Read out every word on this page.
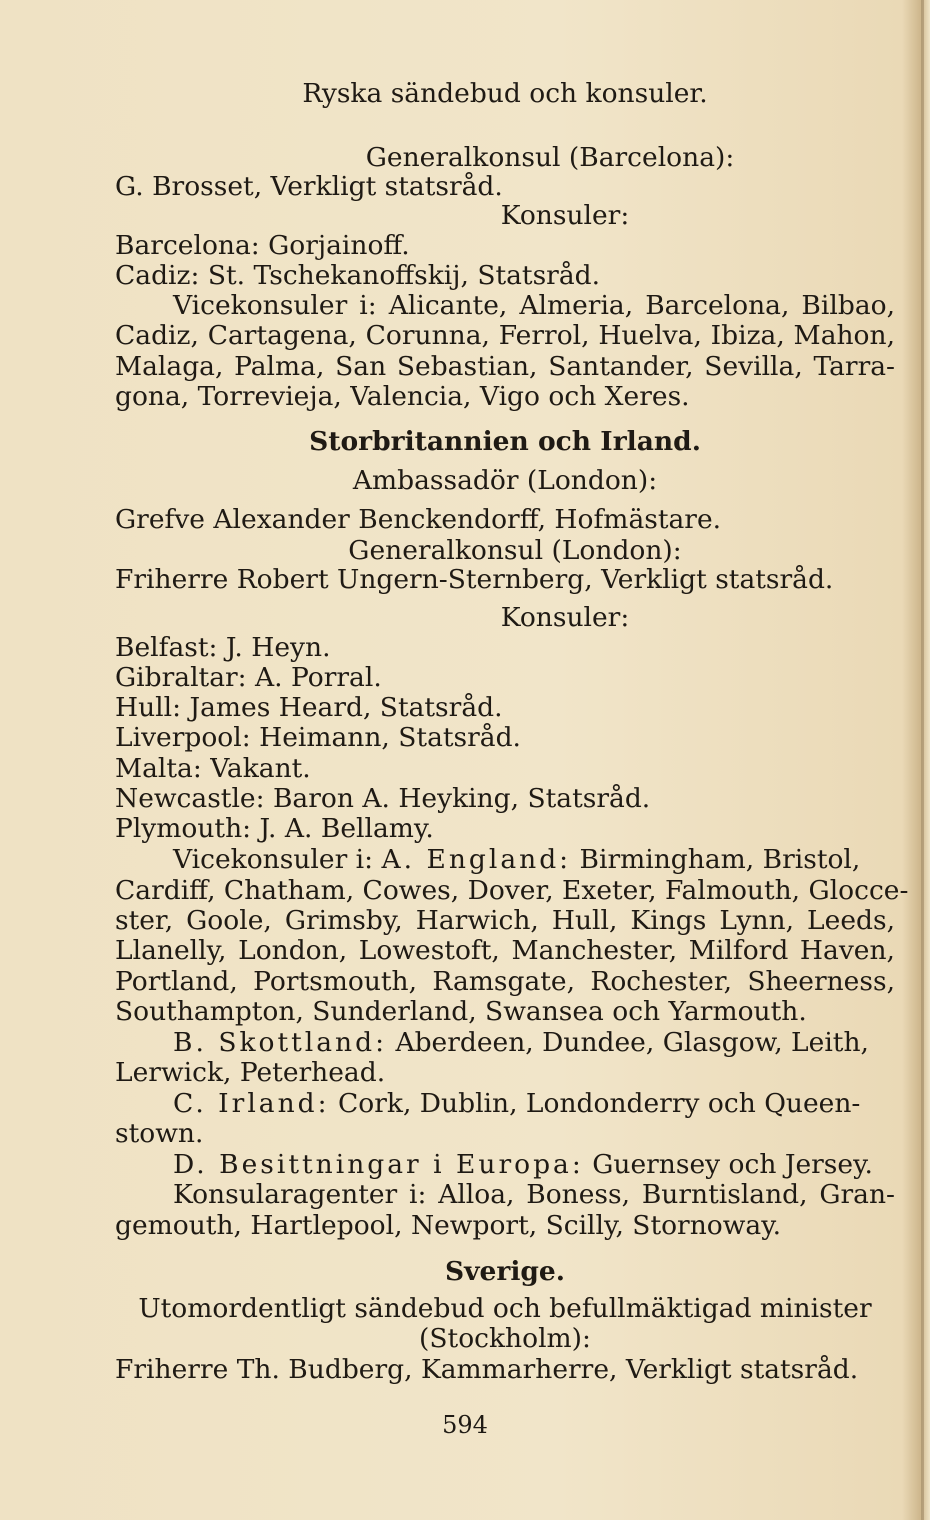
Ryska sändebud och konsuler.
Generalkonsul (Barcelona):
G. Brosset, Verkligt statsråd.
Konsuler:
Barcelona: Gorjainoff.
Cadiz: St. Tschekanoffskij, Statsråd.
Vicekonsuler i: Alicante, Almeria, Barcelona, Bilbao,
Cadiz, Cartagena, Corunna, Ferrol, Huelva, Ibiza, Mahon,
Malaga, Palma, San Sebastian, Santander, Sevilla, Tarra-
gona, Torrevieja, Valencia, Vigo och Xeres.
Storbritannien och Irland.
Ambassadör (London):
Grefve Alexander Benckendorff, Hofmästare.
Generalkonsul (London):
Friherre Robert Ungern-Sternberg, Verkligt statsråd.
Konsuler:
Belfast: J. Heyn.
Gibraltar: A. Porral.
Hull: James Heard, Statsråd.
Liverpool: Heimann, Statsråd.
Malta: Vakant.
Newcastle: Baron A. Heyking, Statsråd.
Plymouth: J. A. Bellamy.
Vicekonsuler i: A. England: Birmingham, Bristol,
Cardiff, Chatham, Cowes, Dover, Exeter, Falmouth, Glocce-
ster, Goole, Grimsby, Harwich, Hull, Kings Lynn, Leeds,
Llanelly, London, Lowestoft, Manchester, Milford Haven,
Portland, Portsmouth, Ramsgate, Rochester, Sheerness,
Southampton, Sunderland, Swansea och Yarmouth.
B. Skottland: Aberdeen, Dundee, Glasgow, Leith,
Lerwick, Peterhead.
C. Irland: Cork, Dublin, Londonderry och Queen-
stown.
D. Besittningar i Europa: Guernsey och Jersey.
Konsularagenter i: Alloa, Boness, Burntisland, Gran-
gemouth, Hartlepool, Newport, Scilly, Stornoway.
Sverige.
Utomordentligt sändebud och befullmäktigad minister
(Stockholm):
Friherre Th. Budberg, Kammarherre, Verkligt statsråd.
594
